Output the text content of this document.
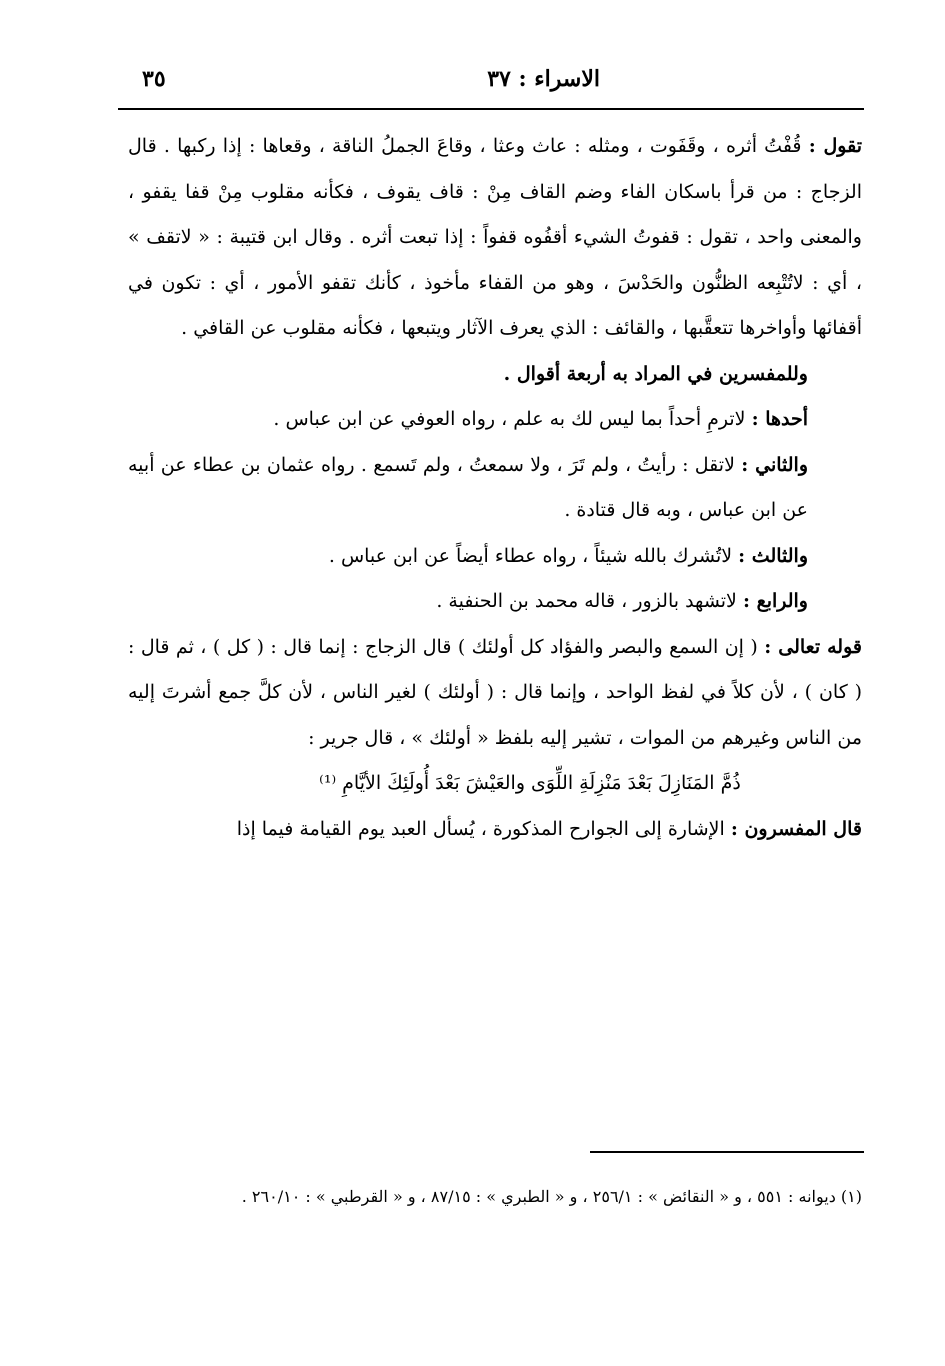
الاسراء : ٣٧
٣٥

تقول : قُفْتُ أثره ، وقَفَوت ، ومثله : عاث وعثا ، وقاعَ الجملُ الناقة ، وقعاها : إذا ركبها . قال الزجاج : من قرأ باسكان الفاء وضم القاف مِنْ : قاف يقوف ، فكأنه مقلوب مِنْ قفا يقفو ، والمعنى واحد ، تقول : قفوتُ الشيء أقفُوه قفواً : إذا تبعت أثره . وقال ابن قتيبة : « لاتقف » ، أي : لاتُتْبِعه الظنُّون والحَدْسَ ، وهو من القفاء مأخوذ ، كأنك تقفو الأمور ، أي : تكون في أقفائها وأواخرها تتعقَّبها ، والقائف : الذي يعرف الآثار ويتبعها ، فكأنه مقلوب عن القافي .

وللمفسرين في المراد به أربعة أقوال .

أحدها : لاترمِ أحداً بما ليس لك به علم ، رواه العوفي عن ابن عباس .

والثاني : لاتقل : رأيتُ ، ولم تَرَ ، ولا سمعتُ ، ولم تَسمع . رواه عثمان بن عطاء عن أبيه عن ابن عباس ، وبه قال قتادة .

والثالث : لاتُشرك بالله شيئاً ، رواه عطاء أيضاً عن ابن عباس .

والرابع : لاتشهد بالزور ، قاله محمد بن الحنفية .

قوله تعالى : ( إن السمع والبصر والفؤاد كل أولئك ) قال الزجاج : إنما قال : ( كل ) ، ثم قال : ( كان ) ، لأن كلاً في لفظ الواحد ، وإنما قال : ( أولئك ) لغير الناس ، لأن كلَّ جمع أشرتَ إليه من الناس وغيرهم من الموات ، تشير إليه بلفظ « أولئك » ، قال جرير :

ذُمَّ المَنَازِلَ بَعْدَ مَنْزِلَةِ اللِّوَى والعَيْشَ بَعْدَ أُولَئِكَ الأيَّامِ ⁽¹⁾

قال المفسرون : الإشارة إلى الجوارح المذكورة ، يُسأل العبد يوم القيامة فيما إذا

(١) ديوانه : ٥٥١ ، و « النقائض » : ٢٥٦/١ ، و « الطبري » : ٨٧/١٥ ، و « القرطبي » : ٢٦٠/١٠ .
